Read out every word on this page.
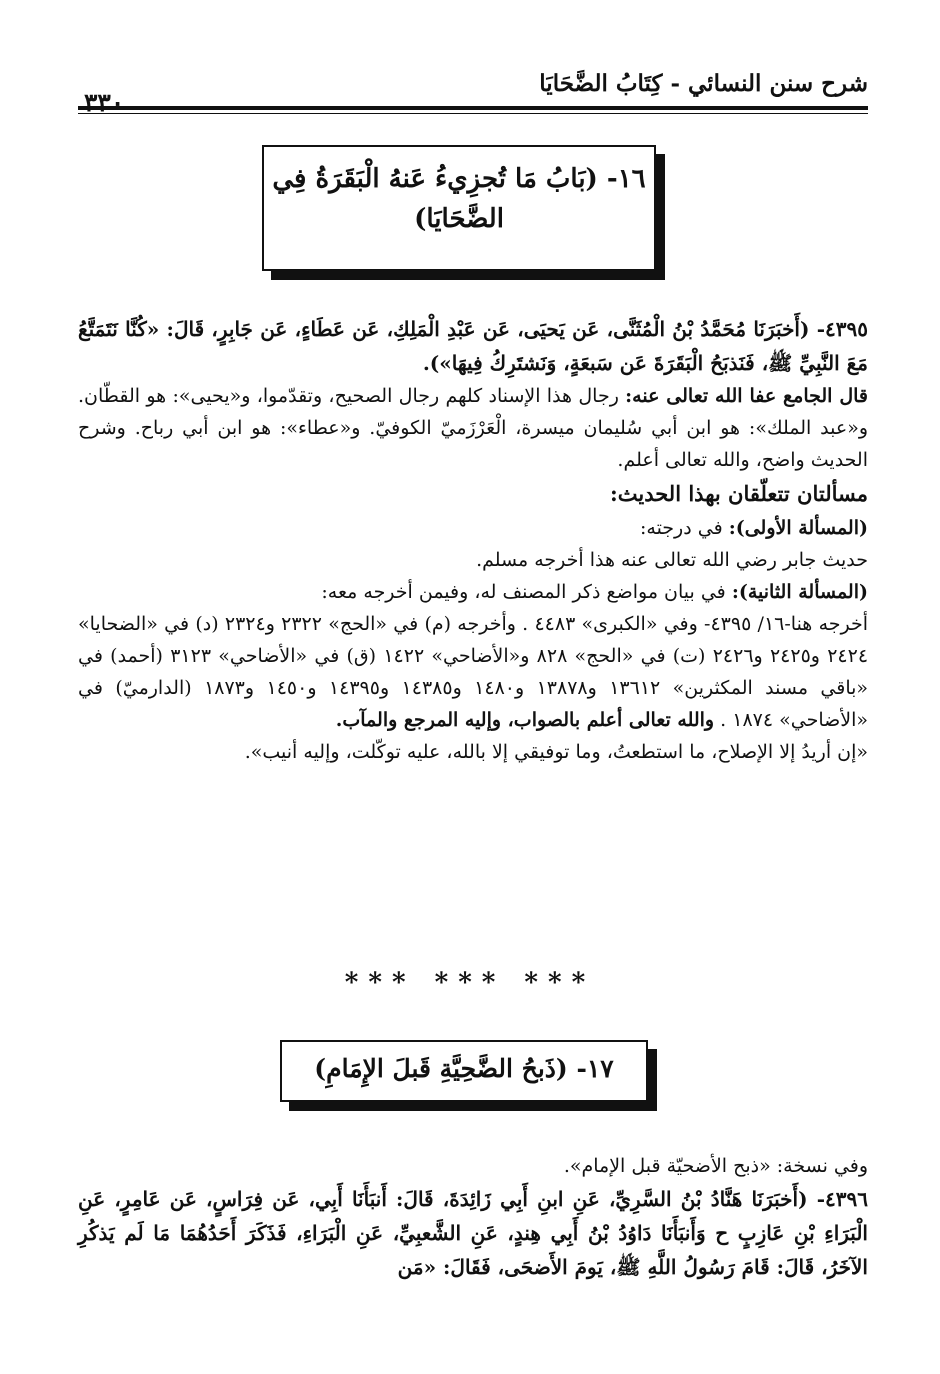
شرح سنن النسائي - كِتَابُ الضَّحَايَا
٣٣٠
١٦- (بَابُ مَا تُجزِيءُ عَنهُ الْبَقَرَةُ فِي
الضَّحَايَا)

٤٣٩٥- (أَخبَرَنَا مُحَمَّدُ بْنُ الْمُثَنَّى، عَن يَحيَى، عَن عَبْدِ الْمَلِكِ، عَن عَطَاءٍ، عَن جَابِرٍ، قَالَ: «كُنَّا نَتَمَتَّعُ مَعَ النَّبِيِّ ﷺ، فَنَذبَحُ الْبَقَرَةَ عَن سَبعَةٍ، وَنَشتَرِكُ فِيهَا»).

قال الجامع عفا الله تعالى عنه: رجال هذا الإسناد كلهم رجال الصحيح، وتقدّموا، و«يحيى»: هو القطّان. و«عبد الملك»: هو ابن أبي سُليمان ميسرة، الْعَرْزَميّ الكوفيّ. و«عطاء»: هو ابن أبي رباح. وشرح الحديث واضح، والله تعالى أعلم.

مسألتان تتعلّقان بهذا الحديث:

(المسألة الأولى): في درجته:

حديث جابر رضي الله تعالى عنه هذا أخرجه مسلم.

(المسألة الثانية): في بيان مواضع ذكر المصنف له، وفيمن أخرجه معه:

أخرجه هنا-١٦/ ٤٣٩٥- وفي «الكبرى» ٤٤٨٣ . وأخرجه (م) في «الحج» ٢٣٢٢ و٢٣٢٤ (د) في «الضحايا» ٢٤٢٤ و٢٤٢٥ و٢٤٢٦ (ت) في «الحج» ٨٢٨ و«الأضاحي» ١٤٢٢ (ق) في «الأضاحي» ٣١٢٣ (أحمد) في «باقي مسند المكثرين» ١٣٦١٢ و١٣٨٧٨ و١٤٨٠ و١٤٣٨٥ و١٤٣٩٥ و١٤٥٠ و١٨٧٣ (الدارميّ) في «الأضاحي» ١٨٧٤ . والله تعالى أعلم بالصواب، وإليه المرجع والمآب.

«إن أريدُ إلا الإصلاح، ما استطعتُ، وما توفيقي إلا بالله، عليه توكّلت، وإليه أنيب».

*** *** ***
١٧- (ذَبحُ الضَّحِيَّةِ قَبلَ الإِمَامِ)

وفي نسخة: «ذبح الأضحيّة قبل الإمام».

٤٣٩٦- (أَخبَرَنَا هَنَّادُ بْنُ السَّرِيِّ، عَنِ ابنِ أَبِي زَائِدَةَ، قَالَ: أَنبَأَنَا أَبِي، عَن فِرَاسٍ، عَن عَامِرٍ، عَنِ الْبَرَاءِ بْنِ عَازِبٍ ح وَأَنبَأَنَا دَاوُدُ بْنُ أَبِي هِندٍ، عَنِ الشَّعبِيِّ، عَنِ الْبَرَاءِ، فَذَكَرَ أَحَدُهُمَا مَا لَم يَذكُرِ الآخَرُ، قَالَ: قَامَ رَسُولُ اللَّهِ ﷺ، يَومَ الأَضحَى، فَقَالَ: «مَن
